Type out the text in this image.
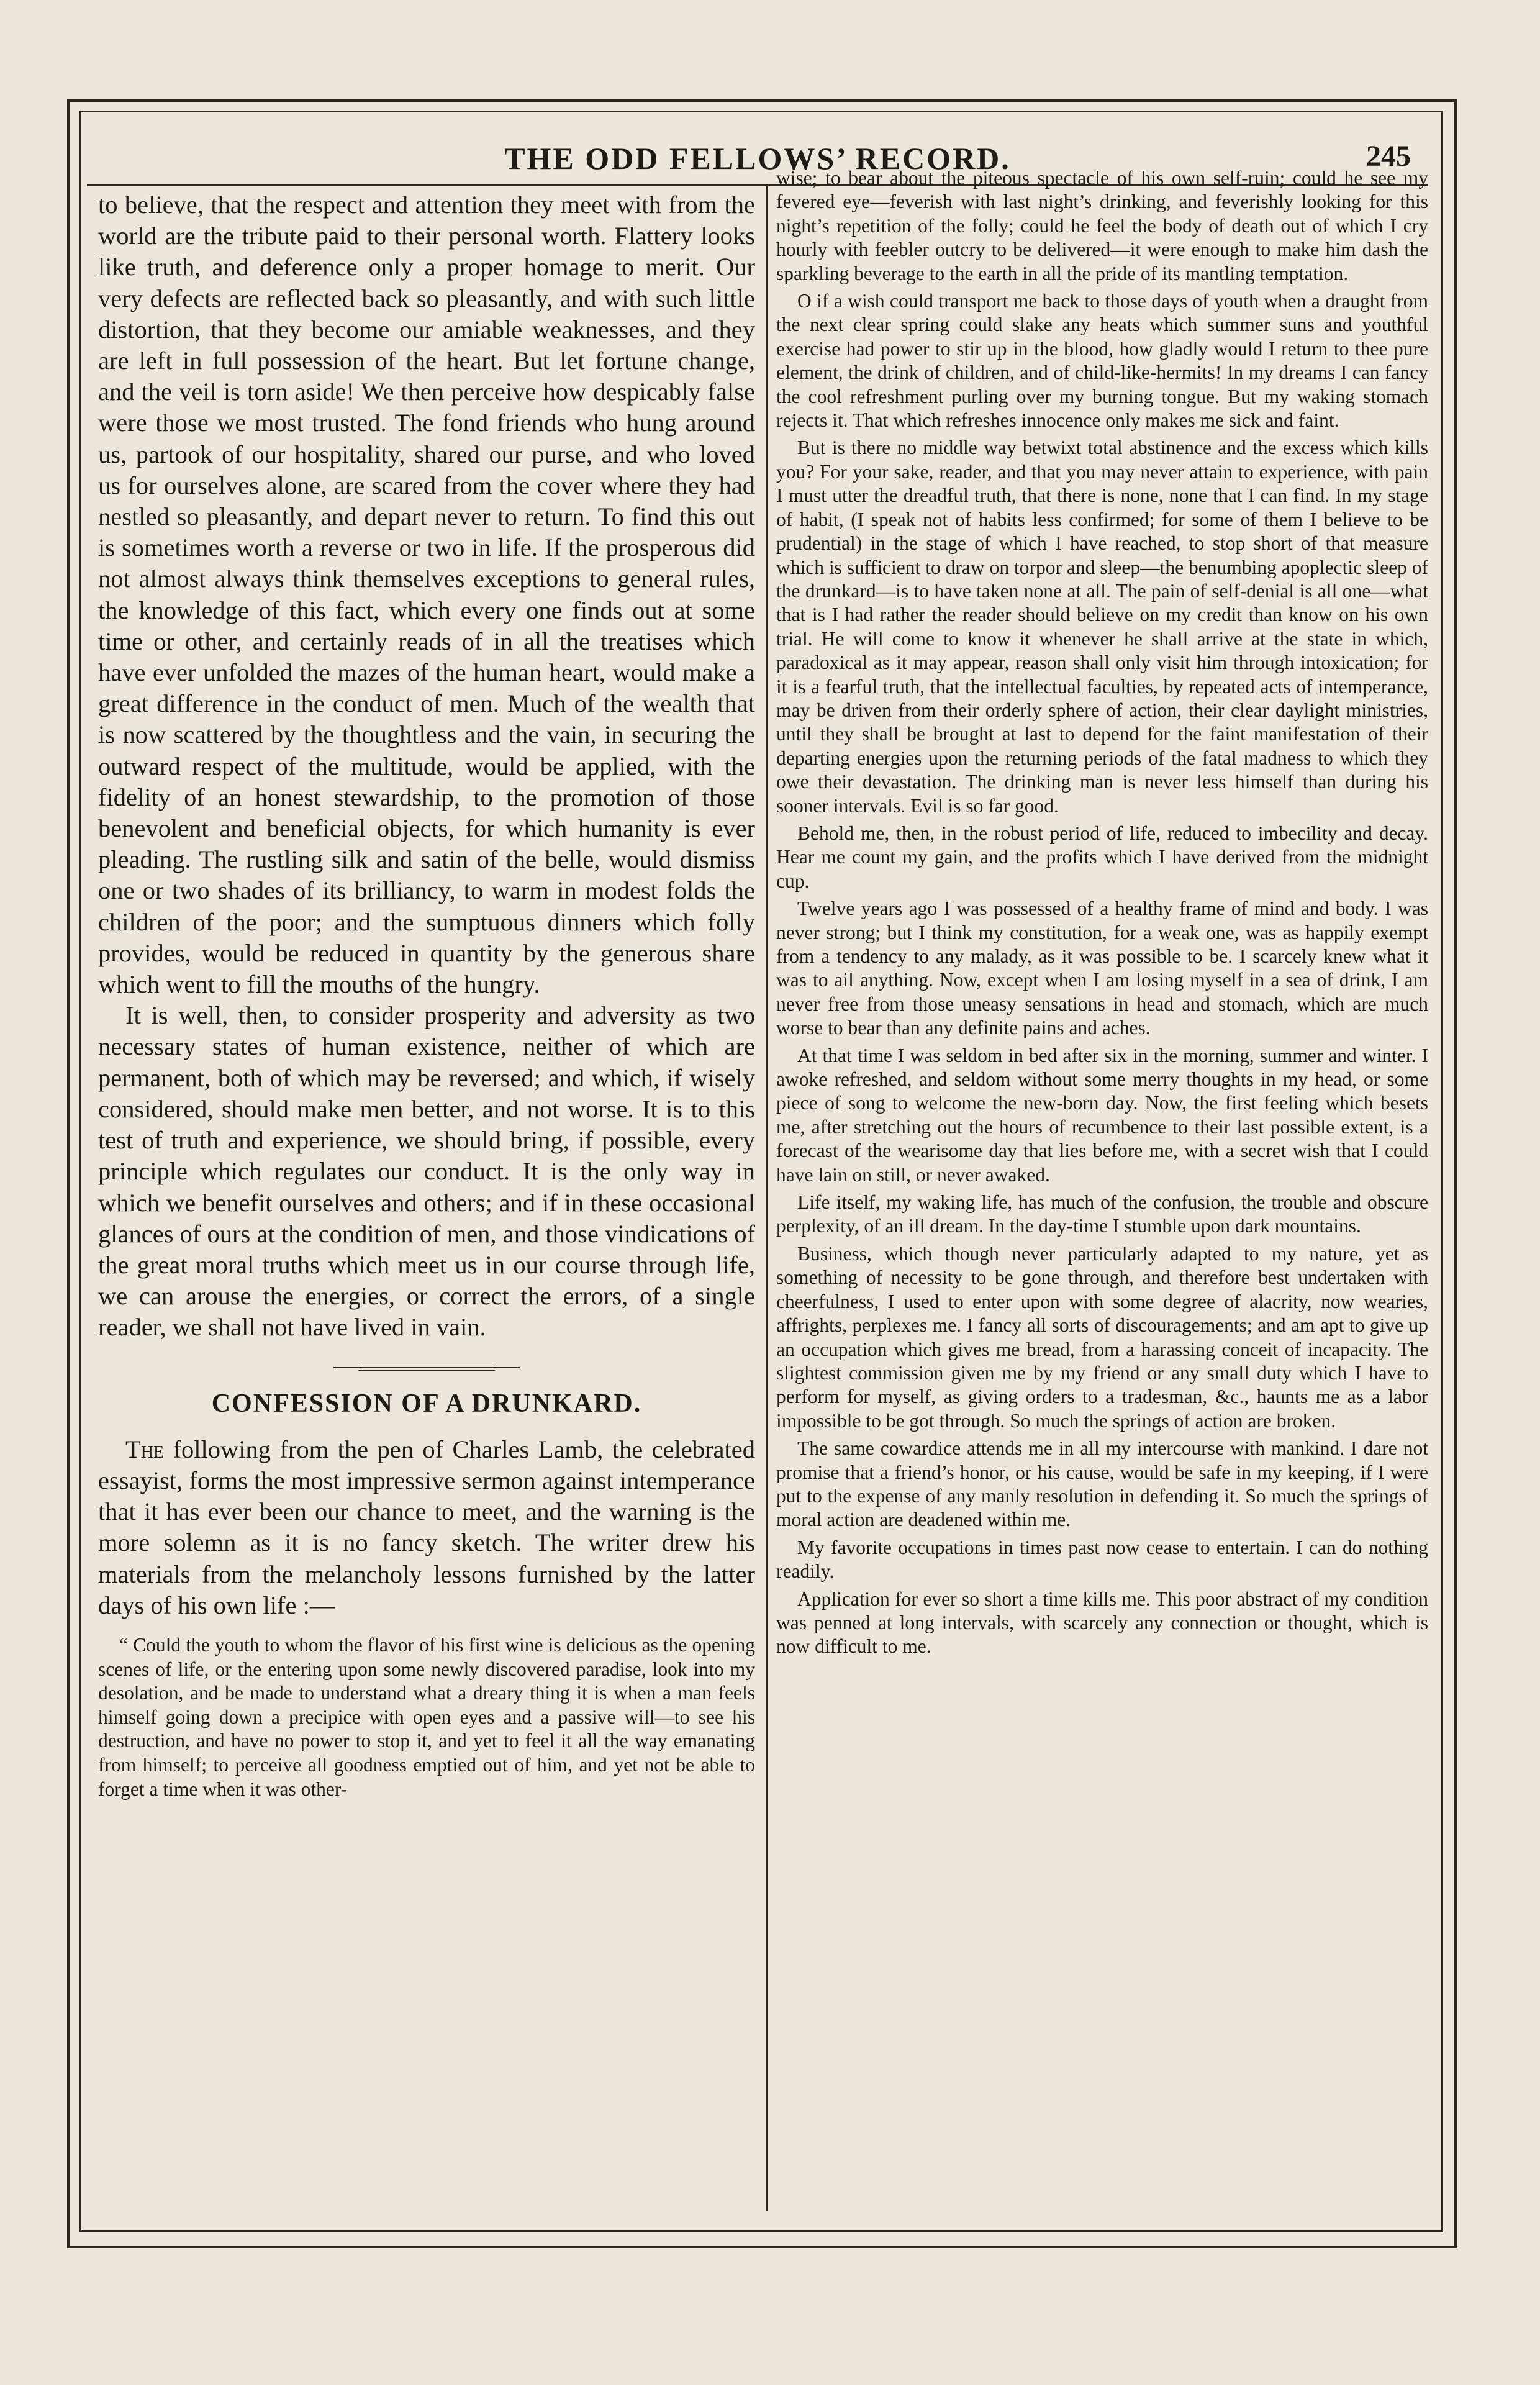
THE ODD FELLOWS’ RECORD.	245

to believe, that the respect and attention they meet with from the world are the tribute paid to their personal worth. Flattery looks like truth, and deference only a proper homage to merit. Our very defects are reflected back so pleasantly, and with such little distortion, that they become our amiable weaknesses, and they are left in full possession of the heart. But let fortune change, and the veil is torn aside! We then perceive how despicably false were those we most trusted. The fond friends who hung around us, partook of our hospitality, shared our purse, and who loved us for ourselves alone, are scared from the cover where they had nestled so pleasantly, and depart never to return. To find this out is sometimes worth a reverse or two in life. If the prosperous did not almost always think themselves exceptions to general rules, the knowledge of this fact, which every one finds out at some time or other, and certainly reads of in all the treatises which have ever unfolded the mazes of the human heart, would make a great difference in the conduct of men. Much of the wealth that is now scattered by the thoughtless and the vain, in securing the outward respect of the multitude, would be applied, with the fidelity of an honest stewardship, to the promotion of those benevolent and beneficial objects, for which humanity is ever pleading. The rustling silk and satin of the belle, would dismiss one or two shades of its brilliancy, to warm in modest folds the children of the poor; and the sumptuous dinners which folly provides, would be reduced in quantity by the generous share which went to fill the mouths of the hungry.

It is well, then, to consider prosperity and adversity as two necessary states of human existence, neither of which are permanent, both of which may be reversed; and which, if wisely considered, should make men better, and not worse. It is to this test of truth and experience, we should bring, if possible, every principle which regulates our conduct. It is the only way in which we benefit ourselves and others; and if in these occasional glances of ours at the condition of men, and those vindications of the great moral truths which meet us in our course through life, we can arouse the energies, or correct the errors, of a single reader, we shall not have lived in vain.

CONFESSION OF A DRUNKARD.

The following from the pen of Charles Lamb, the celebrated essayist, forms the most impressive sermon against intemperance that it has ever been our chance to meet, and the warning is the more solemn as it is no fancy sketch. The writer drew his materials from the melancholy lessons furnished by the latter days of his own life :—

“ Could the youth to whom the flavor of his first wine is delicious as the opening scenes of life, or the entering upon some newly discovered paradise, look into my desolation, and be made to understand what a dreary thing it is when a man feels himself going down a precipice with open eyes and a passive will—to see his destruction, and have no power to stop it, and yet to feel it all the way emanating from himself; to perceive all goodness emptied out of him, and yet not be able to forget a time when it was other-

wise; to bear about the piteous spectacle of his own self-ruin; could he see my fevered eye—feverish with last night’s drinking, and feverishly looking for this night’s repetition of the folly; could he feel the body of death out of which I cry hourly with feebler outcry to be delivered—it were enough to make him dash the sparkling beverage to the earth in all the pride of its mantling temptation.

O if a wish could transport me back to those days of youth when a draught from the next clear spring could slake any heats which summer suns and youthful exercise had power to stir up in the blood, how gladly would I return to thee pure element, the drink of children, and of child-like-hermits! In my dreams I can fancy the cool refreshment purling over my burning tongue. But my waking stomach rejects it. That which refreshes innocence only makes me sick and faint.

But is there no middle way betwixt total abstinence and the excess which kills you? For your sake, reader, and that you may never attain to experience, with pain I must utter the dreadful truth, that there is none, none that I can find. In my stage of habit, (I speak not of habits less confirmed; for some of them I believe to be prudential) in the stage of which I have reached, to stop short of that measure which is sufficient to draw on torpor and sleep—the benumbing apoplectic sleep of the drunkard—is to have taken none at all. The pain of self-denial is all one—what that is I had rather the reader should believe on my credit than know on his own trial. He will come to know it whenever he shall arrive at the state in which, paradoxical as it may appear, reason shall only visit him through intoxication; for it is a fearful truth, that the intellectual faculties, by repeated acts of intemperance, may be driven from their orderly sphere of action, their clear daylight ministries, until they shall be brought at last to depend for the faint manifestation of their departing energies upon the returning periods of the fatal madness to which they owe their devastation. The drinking man is never less himself than during his sooner intervals. Evil is so far good.

Behold me, then, in the robust period of life, reduced to imbecility and decay. Hear me count my gain, and the profits which I have derived from the midnight cup.

Twelve years ago I was possessed of a healthy frame of mind and body. I was never strong; but I think my constitution, for a weak one, was as happily exempt from a tendency to any malady, as it was possible to be. I scarcely knew what it was to ail anything. Now, except when I am losing myself in a sea of drink, I am never free from those uneasy sensations in head and stomach, which are much worse to bear than any definite pains and aches.

At that time I was seldom in bed after six in the morning, summer and winter. I awoke refreshed, and seldom without some merry thoughts in my head, or some piece of song to welcome the new-born day. Now, the first feeling which besets me, after stretching out the hours of recumbence to their last possible extent, is a forecast of the wearisome day that lies before me, with a secret wish that I could have lain on still, or never awaked.

Life itself, my waking life, has much of the confusion, the trouble and obscure perplexity, of an ill dream. In the day-time I stumble upon dark mountains.

Business, which though never particularly adapted to my nature, yet as something of necessity to be gone through, and therefore best undertaken with cheerfulness, I used to enter upon with some degree of alacrity, now wearies, affrights, perplexes me. I fancy all sorts of discouragements; and am apt to give up an occupation which gives me bread, from a harassing conceit of incapacity. The slightest commission given me by my friend or any small duty which I have to perform for myself, as giving orders to a tradesman, &c., haunts me as a labor impossible to be got through. So much the springs of action are broken.

The same cowardice attends me in all my intercourse with mankind. I dare not promise that a friend’s honor, or his cause, would be safe in my keeping, if I were put to the expense of any manly resolution in defending it. So much the springs of moral action are deadened within me.

My favorite occupations in times past now cease to entertain. I can do nothing readily.

Application for ever so short a time kills me. This poor abstract of my condition was penned at long intervals, with scarcely any connection or thought, which is now difficult to me.
